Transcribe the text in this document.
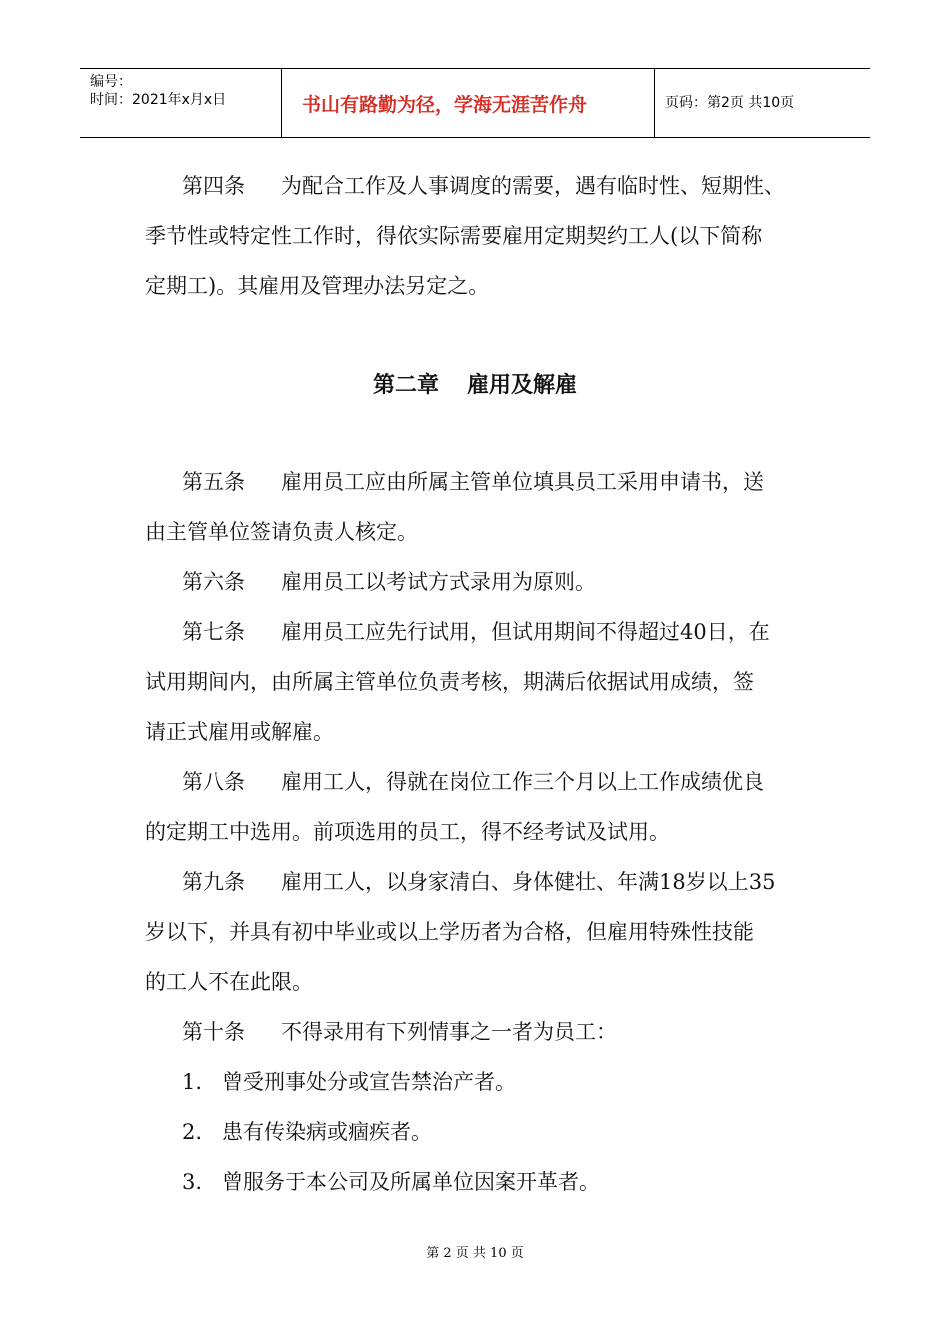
编号：
时间：2021年x月x日	书山有路勤为径，学海无涯苦作舟	页码：第2页 共10页
第四条 为配合工作及人事调度的需要，遇有临时性、短期性、
季节性或特定性工作时，得依实际需要雇用定期契约工人(以下简称
定期工)。其雇用及管理办法另定之。
第二章 雇用及解雇
第五条 雇用员工应由所属主管单位填具员工采用申请书，送
由主管单位签请负责人核定。
第六条 雇用员工以考试方式录用为原则。
第七条 雇用员工应先行试用，但试用期间不得超过40日，在
试用期间内，由所属主管单位负责考核，期满后依据试用成绩，签
请正式雇用或解雇。
第八条 雇用工人，得就在岗位工作三个月以上工作成绩优良
的定期工中选用。前项选用的员工，得不经考试及试用。
第九条 雇用工人，以身家清白、身体健壮、年满18岁以上35
岁以下，并具有初中毕业或以上学历者为合格，但雇用特殊性技能
的工人不在此限。
第十条 不得录用有下列情事之一者为员工：
1. 曾受刑事处分或宣告禁治产者。
2. 患有传染病或痼疾者。
3. 曾服务于本公司及所属单位因案开革者。
第 2 页 共 10 页
